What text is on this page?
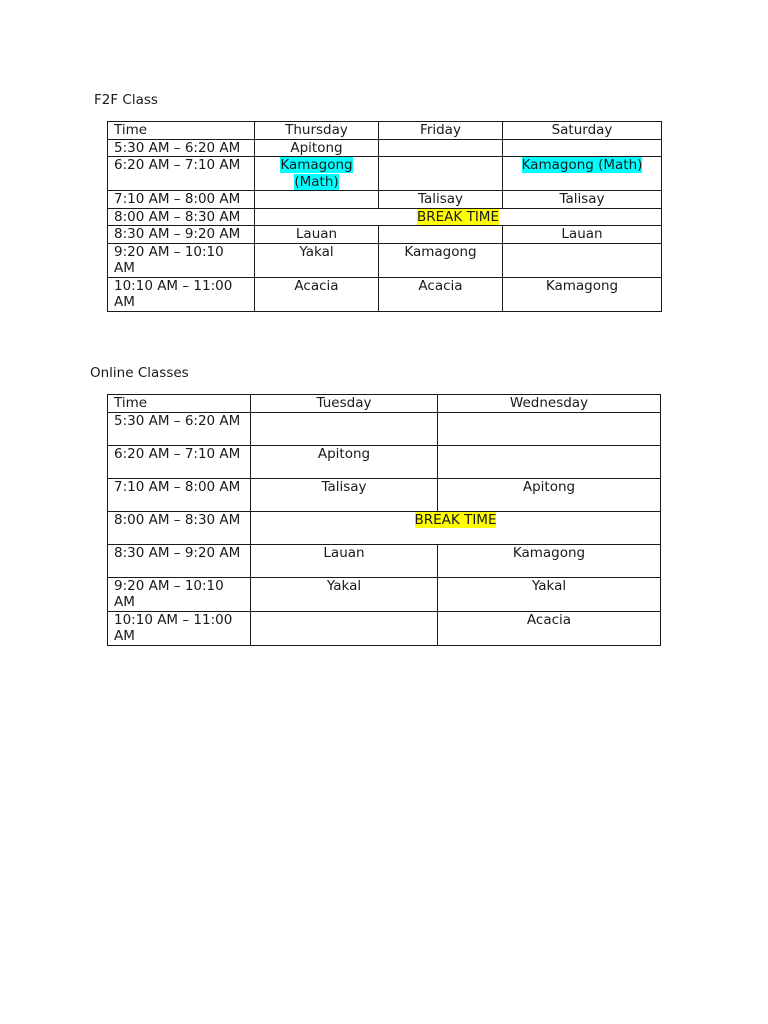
F2F Class
Time	Thursday	Friday	Saturday
5:30 AM – 6:20 AM	Apitong		
6:20 AM – 7:10 AM	Kamagong (Math)		Kamagong (Math)
7:10 AM – 8:00 AM		Talisay	Talisay
8:00 AM – 8:30 AM	BREAK TIME		
8:30 AM – 9:20 AM	Lauan		Lauan
9:20 AM – 10:10 AM	Yakal	Kamagong	
10:10 AM – 11:00 AM	Acacia	Acacia	Kamagong
Online Classes
Time	Tuesday	Wednesday
5:30 AM – 6:20 AM		
6:20 AM – 7:10 AM	Apitong	
7:10 AM – 8:00 AM	Talisay	Apitong
8:00 AM – 8:30 AM	BREAK TIME	
8:30 AM – 9:20 AM	Lauan	Kamagong
9:20 AM – 10:10 AM	Yakal	Yakal
10:10 AM – 11:00 AM		Acacia
